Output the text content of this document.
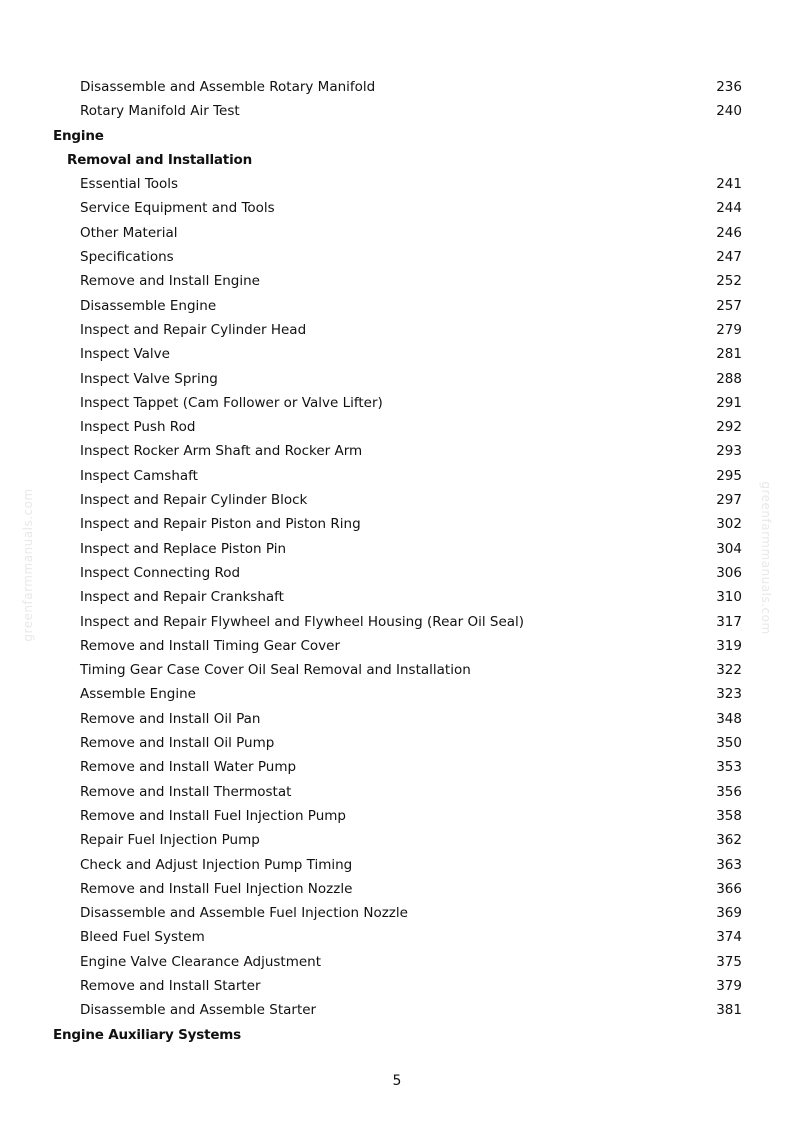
greenfarmmanuals.com	greenfarmmanuals.com
Disassemble and Assemble Rotary Manifold	236
Rotary Manifold Air Test	240
Engine
Removal and Installation
Essential Tools	241
Service Equipment and Tools	244
Other Material	246
Specifications	247
Remove and Install Engine	252
Disassemble Engine	257
Inspect and Repair Cylinder Head	279
Inspect Valve	281
Inspect Valve Spring	288
Inspect Tappet (Cam Follower or Valve Lifter)	291
Inspect Push Rod	292
Inspect Rocker Arm Shaft and Rocker Arm	293
Inspect Camshaft	295
Inspect and Repair Cylinder Block	297
Inspect and Repair Piston and Piston Ring	302
Inspect and Replace Piston Pin	304
Inspect Connecting Rod	306
Inspect and Repair Crankshaft	310
Inspect and Repair Flywheel and Flywheel Housing (Rear Oil Seal)	317
Remove and Install Timing Gear Cover	319
Timing Gear Case Cover Oil Seal Removal and Installation	322
Assemble Engine	323
Remove and Install Oil Pan	348
Remove and Install Oil Pump	350
Remove and Install Water Pump	353
Remove and Install Thermostat	356
Remove and Install Fuel Injection Pump	358
Repair Fuel Injection Pump	362
Check and Adjust Injection Pump Timing	363
Remove and Install Fuel Injection Nozzle	366
Disassemble and Assemble Fuel Injection Nozzle	369
Bleed Fuel System	374
Engine Valve Clearance Adjustment	375
Remove and Install Starter	379
Disassemble and Assemble Starter	381
Engine Auxiliary Systems
5
